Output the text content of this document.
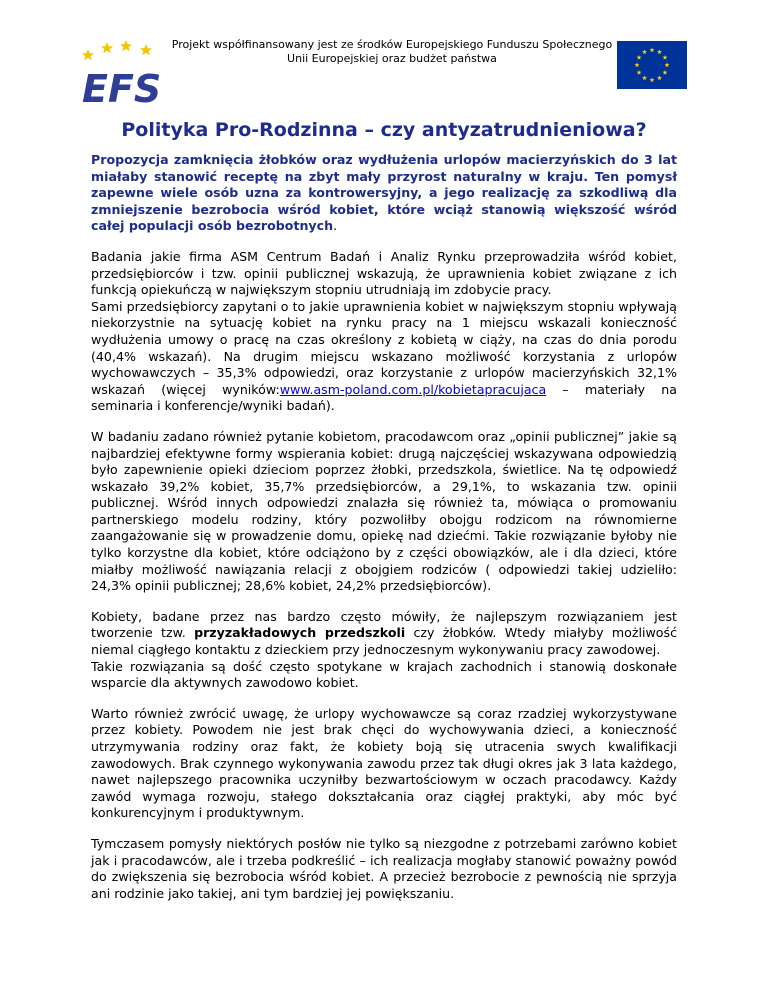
EFS
Projekt współfinansowany jest ze środków Europejskiego Funduszu Społecznego
Unii Europejskiej oraz budżet państwa
Polityka Pro-Rodzinna – czy antyzatrudnieniowa?

Propozycja zamknięcia żłobków oraz wydłużenia urlopów macierzyńskich do 3 lat miałaby stanowić receptę na zbyt mały przyrost naturalny w kraju. Ten pomysł zapewne wiele osób uzna za kontrowersyjny, a jego realizację za szkodliwą dla zmniejszenie bezrobocia wśród kobiet, które wciąż stanowią większość wśród całej populacji osób bezrobotnych.

Badania jakie firma ASM Centrum Badań i Analiz Rynku przeprowadziła wśród kobiet, przedsiębiorców i tzw. opinii publicznej wskazują, że uprawnienia kobiet związane z ich funkcją opiekuńczą w największym stopniu utrudniają im zdobycie pracy.

Sami przedsiębiorcy zapytani o to jakie uprawnienia kobiet w największym stopniu wpływają niekorzystnie na sytuację kobiet na rynku pracy na 1 miejscu wskazali konieczność wydłużenia umowy o pracę na czas określony z kobietą w ciąży, na czas do dnia porodu (40,4% wskazań). Na drugim miejscu wskazano możliwość korzystania z urlopów wychowawczych – 35,3% odpowiedzi, oraz korzystanie z urlopów macierzyńskich 32,1% wskazań (więcej wyników:www.asm-poland.com.pl/kobietapracujaca – materiały na seminaria i konferencje/wyniki badań).

W badaniu zadano również pytanie kobietom, pracodawcom oraz „opinii publicznej” jakie są najbardziej efektywne formy wspierania kobiet: drugą najczęściej wskazywana odpowiedzią było zapewnienie opieki dzieciom poprzez żłobki, przedszkola, świetlice. Na tę odpowiedź wskazało 39,2% kobiet, 35,7% przedsiębiorców, a 29,1%, to wskazania tzw. opinii publicznej. Wśród innych odpowiedzi znalazła się również ta, mówiąca o promowaniu partnerskiego modelu rodziny, który pozwoliłby obojgu rodzicom na równomierne zaangażowanie się w prowadzenie domu, opiekę nad dziećmi. Takie rozwiązanie byłoby nie tylko korzystne dla kobiet, które odciążono by z części obowiązków, ale i dla dzieci, które miałby możliwość nawiązania relacji z obojgiem rodziców ( odpowiedzi takiej udzieliło: 24,3% opinii publicznej; 28,6% kobiet, 24,2% przedsiębiorców).

Kobiety, badane przez nas bardzo często mówiły, że najlepszym rozwiązaniem jest tworzenie tzw. przyzakładowych przedszkoli czy żłobków. Wtedy miałyby możliwość niemal ciągłego kontaktu z dzieckiem przy jednoczesnym wykonywaniu pracy zawodowej.

Takie rozwiązania są dość często spotykane w krajach zachodnich i stanowią doskonałe wsparcie dla aktywnych zawodowo kobiet.

Warto również zwrócić uwagę, że urlopy wychowawcze są coraz rzadziej wykorzystywane przez kobiety. Powodem nie jest brak chęci do wychowywania dzieci, a konieczność utrzymywania rodziny oraz fakt, że kobiety boją się utracenia swych kwalifikacji zawodowych. Brak czynnego wykonywania zawodu przez tak długi okres jak 3 lata każdego, nawet najlepszego pracownika uczyniłby bezwartościowym w oczach pracodawcy. Każdy zawód wymaga rozwoju, stałego dokształcania oraz ciągłej praktyki, aby móc być konkurencyjnym i produktywnym.

Tymczasem pomysły niektórych posłów nie tylko są niezgodne z potrzebami zarówno kobiet jak i pracodawców, ale i trzeba podkreślić – ich realizacja mogłaby stanowić poważny powód do zwiększenia się bezrobocia wśród kobiet. A przecież bezrobocie z pewnością nie sprzyja ani rodzinie jako takiej, ani tym bardziej jej powiększaniu.
